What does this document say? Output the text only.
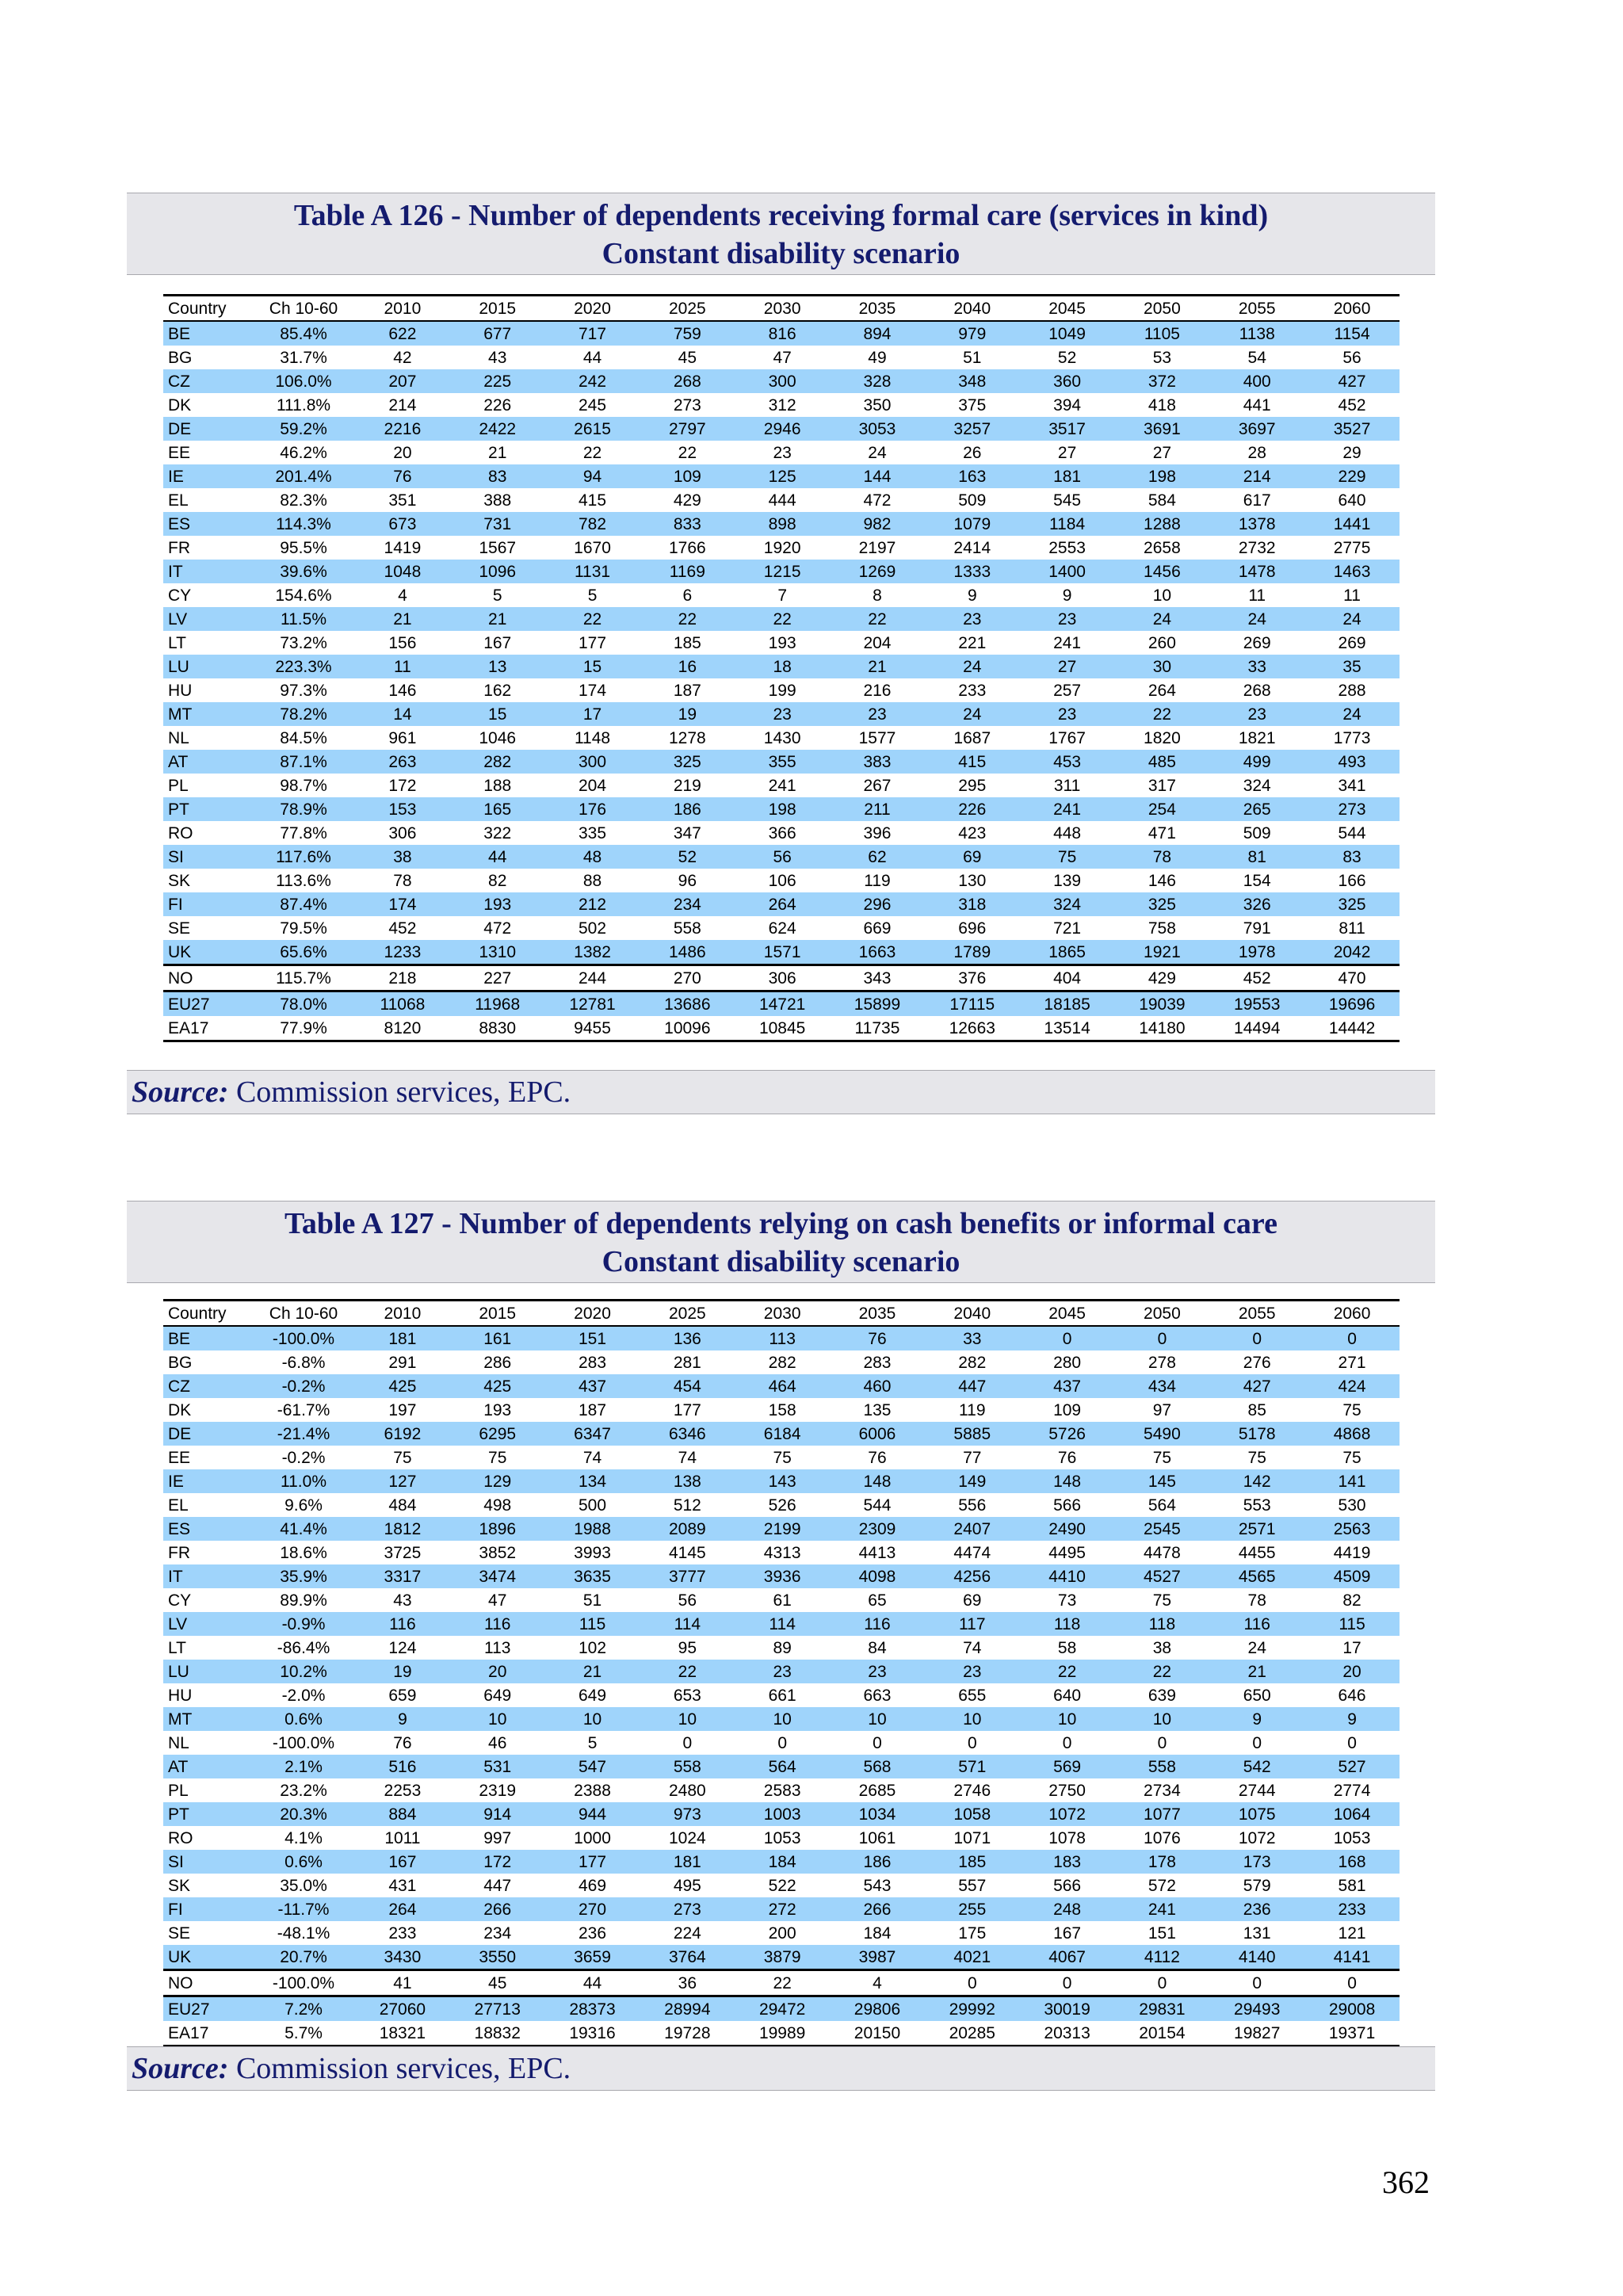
Table A 126 - Number of dependents receiving formal care (services in kind)
Constant disability scenario
Country	Ch 10-60	2010	2015	2020	2025	2030	2035	2040	2045	2050	2055	2060
BE	85.4%	622	677	717	759	816	894	979	1049	1105	1138	1154
BG	31.7%	42	43	44	45	47	49	51	52	53	54	56
CZ	106.0%	207	225	242	268	300	328	348	360	372	400	427
DK	111.8%	214	226	245	273	312	350	375	394	418	441	452
DE	59.2%	2216	2422	2615	2797	2946	3053	3257	3517	3691	3697	3527
EE	46.2%	20	21	22	22	23	24	26	27	27	28	29
IE	201.4%	76	83	94	109	125	144	163	181	198	214	229
EL	82.3%	351	388	415	429	444	472	509	545	584	617	640
ES	114.3%	673	731	782	833	898	982	1079	1184	1288	1378	1441
FR	95.5%	1419	1567	1670	1766	1920	2197	2414	2553	2658	2732	2775
IT	39.6%	1048	1096	1131	1169	1215	1269	1333	1400	1456	1478	1463
CY	154.6%	4	5	5	6	7	8	9	9	10	11	11
LV	11.5%	21	21	22	22	22	22	23	23	24	24	24
LT	73.2%	156	167	177	185	193	204	221	241	260	269	269
LU	223.3%	11	13	15	16	18	21	24	27	30	33	35
HU	97.3%	146	162	174	187	199	216	233	257	264	268	288
MT	78.2%	14	15	17	19	23	23	24	23	22	23	24
NL	84.5%	961	1046	1148	1278	1430	1577	1687	1767	1820	1821	1773
AT	87.1%	263	282	300	325	355	383	415	453	485	499	493
PL	98.7%	172	188	204	219	241	267	295	311	317	324	341
PT	78.9%	153	165	176	186	198	211	226	241	254	265	273
RO	77.8%	306	322	335	347	366	396	423	448	471	509	544
SI	117.6%	38	44	48	52	56	62	69	75	78	81	83
SK	113.6%	78	82	88	96	106	119	130	139	146	154	166
FI	87.4%	174	193	212	234	264	296	318	324	325	326	325
SE	79.5%	452	472	502	558	624	669	696	721	758	791	811
UK	65.6%	1233	1310	1382	1486	1571	1663	1789	1865	1921	1978	2042
NO	115.7%	218	227	244	270	306	343	376	404	429	452	470
EU27	78.0%	11068	11968	12781	13686	14721	15899	17115	18185	19039	19553	19696
EA17	77.9%	8120	8830	9455	10096	10845	11735	12663	13514	14180	14494	14442
Source: Commission services, EPC.
Table A 127 - Number of dependents relying on cash benefits or informal care
Constant disability scenario
Country	Ch 10-60	2010	2015	2020	2025	2030	2035	2040	2045	2050	2055	2060
BE	-100.0%	181	161	151	136	113	76	33	0	0	0	0
BG	-6.8%	291	286	283	281	282	283	282	280	278	276	271
CZ	-0.2%	425	425	437	454	464	460	447	437	434	427	424
DK	-61.7%	197	193	187	177	158	135	119	109	97	85	75
DE	-21.4%	6192	6295	6347	6346	6184	6006	5885	5726	5490	5178	4868
EE	-0.2%	75	75	74	74	75	76	77	76	75	75	75
IE	11.0%	127	129	134	138	143	148	149	148	145	142	141
EL	9.6%	484	498	500	512	526	544	556	566	564	553	530
ES	41.4%	1812	1896	1988	2089	2199	2309	2407	2490	2545	2571	2563
FR	18.6%	3725	3852	3993	4145	4313	4413	4474	4495	4478	4455	4419
IT	35.9%	3317	3474	3635	3777	3936	4098	4256	4410	4527	4565	4509
CY	89.9%	43	47	51	56	61	65	69	73	75	78	82
LV	-0.9%	116	116	115	114	114	116	117	118	118	116	115
LT	-86.4%	124	113	102	95	89	84	74	58	38	24	17
LU	10.2%	19	20	21	22	23	23	23	22	22	21	20
HU	-2.0%	659	649	649	653	661	663	655	640	639	650	646
MT	0.6%	9	10	10	10	10	10	10	10	10	9	9
NL	-100.0%	76	46	5	0	0	0	0	0	0	0	0
AT	2.1%	516	531	547	558	564	568	571	569	558	542	527
PL	23.2%	2253	2319	2388	2480	2583	2685	2746	2750	2734	2744	2774
PT	20.3%	884	914	944	973	1003	1034	1058	1072	1077	1075	1064
RO	4.1%	1011	997	1000	1024	1053	1061	1071	1078	1076	1072	1053
SI	0.6%	167	172	177	181	184	186	185	183	178	173	168
SK	35.0%	431	447	469	495	522	543	557	566	572	579	581
FI	-11.7%	264	266	270	273	272	266	255	248	241	236	233
SE	-48.1%	233	234	236	224	200	184	175	167	151	131	121
UK	20.7%	3430	3550	3659	3764	3879	3987	4021	4067	4112	4140	4141
NO	-100.0%	41	45	44	36	22	4	0	0	0	0	0
EU27	7.2%	27060	27713	28373	28994	29472	29806	29992	30019	29831	29493	29008
EA17	5.7%	18321	18832	19316	19728	19989	20150	20285	20313	20154	19827	19371
Source: Commission services, EPC.
362
